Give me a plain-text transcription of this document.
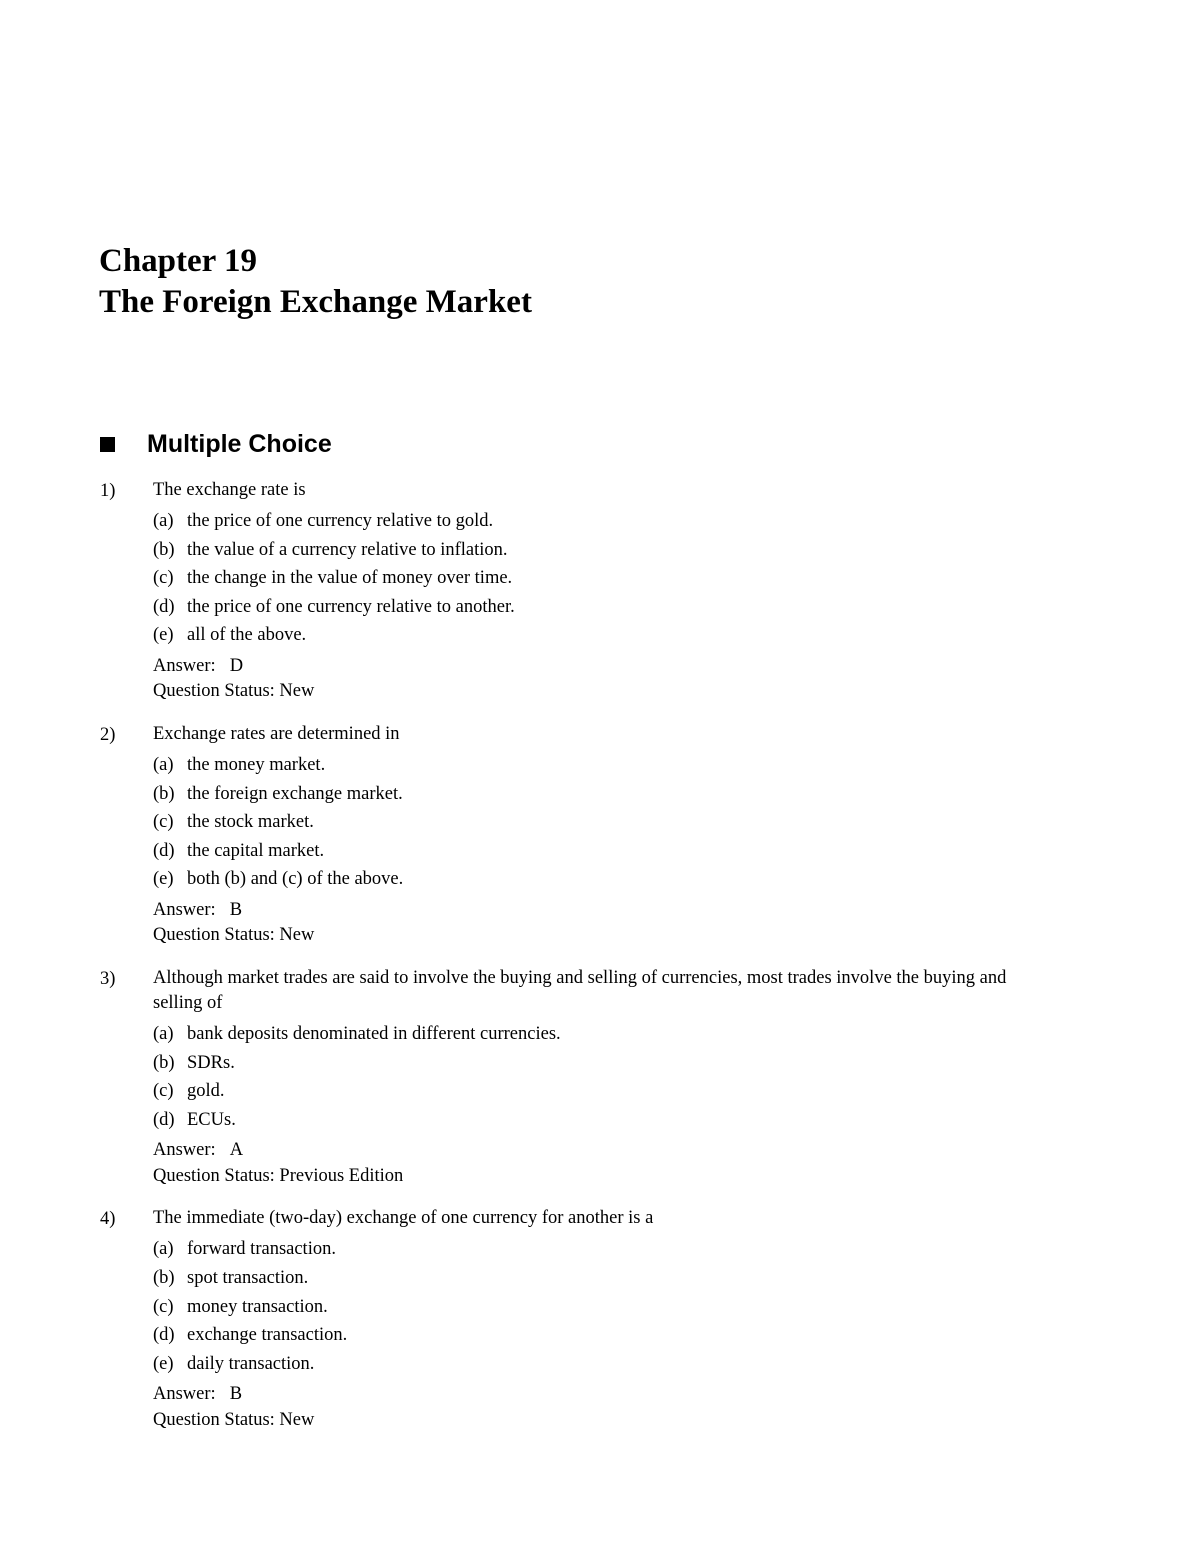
Chapter 19
The Foreign Exchange Market
Multiple Choice
1) The exchange rate is
(a) the price of one currency relative to gold.
(b) the value of a currency relative to inflation.
(c) the change in the value of money over time.
(d) the price of one currency relative to another.
(e) all of the above.
Answer: D
Question Status: New
2) Exchange rates are determined in
(a) the money market.
(b) the foreign exchange market.
(c) the stock market.
(d) the capital market.
(e) both (b) and (c) of the above.
Answer: B
Question Status: New
3) Although market trades are said to involve the buying and selling of currencies, most trades involve the buying and selling of
(a) bank deposits denominated in different currencies.
(b) SDRs.
(c) gold.
(d) ECUs.
Answer: A
Question Status: Previous Edition
4) The immediate (two-day) exchange of one currency for another is a
(a) forward transaction.
(b) spot transaction.
(c) money transaction.
(d) exchange transaction.
(e) daily transaction.
Answer: B
Question Status: New
